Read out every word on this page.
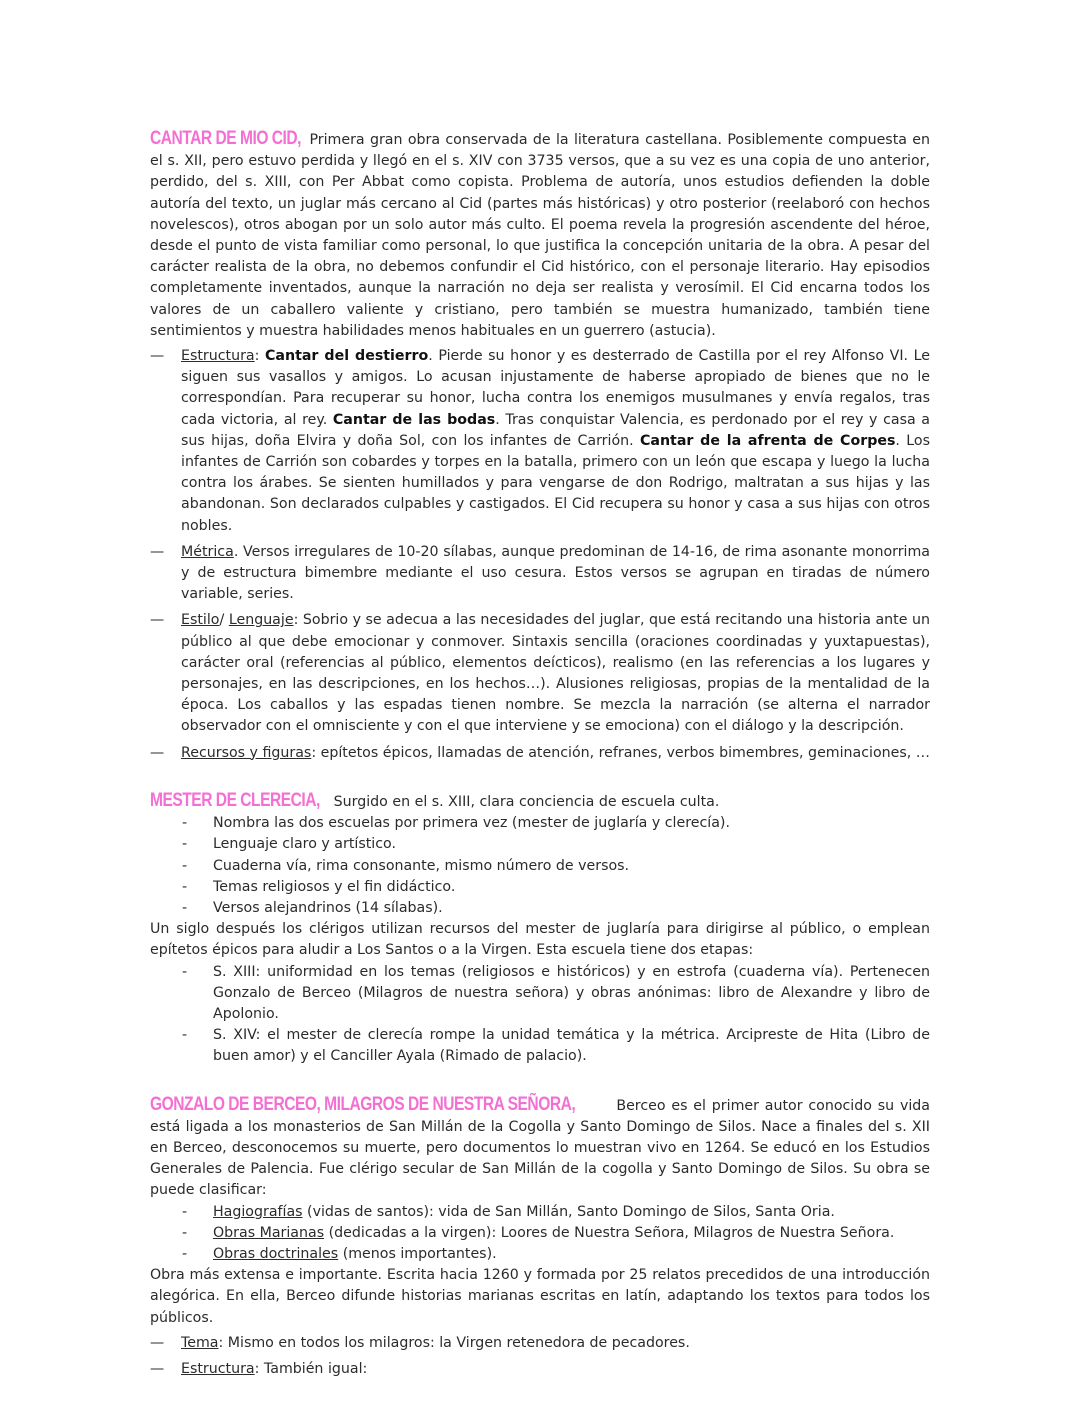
CANTAR DE MIO CID, Primera gran obra conservada de la literatura castellana. Posiblemente compuesta en el s. XII, pero estuvo perdida y llegó en el s. XIV con 3735 versos, que a su vez es una copia de uno anterior, perdido, del s. XIII, con Per Abbat como copista. Problema de autoría, unos estudios defienden la doble autoría del texto, un juglar más cercano al Cid (partes más históricas) y otro posterior (reelaboró con hechos novelescos), otros abogan por un solo autor más culto. El poema revela la progresión ascendente del héroe, desde el punto de vista familiar como personal, lo que justifica la concepción unitaria de la obra. A pesar del carácter realista de la obra, no debemos confundir el Cid histórico, con el personaje literario. Hay episodios completamente inventados, aunque la narración no deja ser realista y verosímil. El Cid encarna todos los valores de un caballero valiente y cristiano, pero también se muestra humanizado, también tiene sentimientos y muestra habilidades menos habituales en un guerrero (astucia).

— Estructura: Cantar del destierro. Pierde su honor y es desterrado de Castilla por el rey Alfonso VI. Le siguen sus vasallos y amigos. Lo acusan injustamente de haberse apropiado de bienes que no le correspondían. Para recuperar su honor, lucha contra los enemigos musulmanes y envía regalos, tras cada victoria, al rey. Cantar de las bodas. Tras conquistar Valencia, es perdonado por el rey y casa a sus hijas, doña Elvira y doña Sol, con los infantes de Carrión. Cantar de la afrenta de Corpes. Los infantes de Carrión son cobardes y torpes en la batalla, primero con un león que escapa y luego la lucha contra los árabes. Se sienten humillados y para vengarse de don Rodrigo, maltratan a sus hijas y las abandonan. Son declarados culpables y castigados. El Cid recupera su honor y casa a sus hijas con otros nobles.
— Métrica. Versos irregulares de 10-20 sílabas, aunque predominan de 14-16, de rima asonante monorrima y de estructura bimembre mediante el uso cesura. Estos versos se agrupan en tiradas de número variable, series.
— Estilo/ Lenguaje: Sobrio y se adecua a las necesidades del juglar, que está recitando una historia ante un público al que debe emocionar y conmover. Sintaxis sencilla (oraciones coordinadas y yuxtapuestas), carácter oral (referencias al público, elementos deícticos), realismo (en las referencias a los lugares y personajes, en las descripciones, en los hechos…). Alusiones religiosas, propias de la mentalidad de la época. Los caballos y las espadas tienen nombre. Se mezcla la narración (se alterna el narrador observador con el omnisciente y con el que interviene y se emociona) con el diálogo y la descripción.
— Recursos y figuras: epítetos épicos, llamadas de atención, refranes, verbos bimembres, geminaciones, …

MESTER DE CLERECIA, Surgido en el s. XIII, clara conciencia de escuela culta.

- Nombra las dos escuelas por primera vez (mester de juglaría y clerecía).
- Lenguaje claro y artístico.
- Cuaderna vía, rima consonante, mismo número de versos.
- Temas religiosos y el fin didáctico.
- Versos alejandrinos (14 sílabas).

Un siglo después los clérigos utilizan recursos del mester de juglaría para dirigirse al público, o emplean epítetos épicos para aludir a Los Santos o a la Virgen. Esta escuela tiene dos etapas:

- S. XIII: uniformidad en los temas (religiosos e históricos) y en estrofa (cuaderna vía). Pertenecen Gonzalo de Berceo (Milagros de nuestra señora) y obras anónimas: libro de Alexandre y libro de Apolonio.
- S. XIV: el mester de clerecía rompe la unidad temática y la métrica. Arcipreste de Hita (Libro de buen amor) y el Canciller Ayala (Rimado de palacio).

GONZALO DE BERCEO, MILAGROS DE NUESTRA SEÑORA,	Berceo es el primer autor conocido su vida está ligada a los monasterios de San Millán de la Cogolla y Santo Domingo de Silos. Nace a finales del s. XII en Berceo, desconocemos su muerte, pero documentos lo muestran vivo en 1264. Se educó en los Estudios Generales de Palencia. Fue clérigo secular de San Millán de la cogolla y Santo Domingo de Silos. Su obra se puede clasificar:

- Hagiografías (vidas de santos): vida de San Millán, Santo Domingo de Silos, Santa Oria.
- Obras Marianas (dedicadas a la virgen): Loores de Nuestra Señora, Milagros de Nuestra Señora.
- Obras doctrinales (menos importantes).

Obra más extensa e importante. Escrita hacia 1260 y formada por 25 relatos precedidos de una introducción alegórica. En ella, Berceo difunde historias marianas escritas en latín, adaptando los textos para todos los públicos.

— Tema: Mismo en todos los milagros: la Virgen retenedora de pecadores.
— Estructura: También igual:
